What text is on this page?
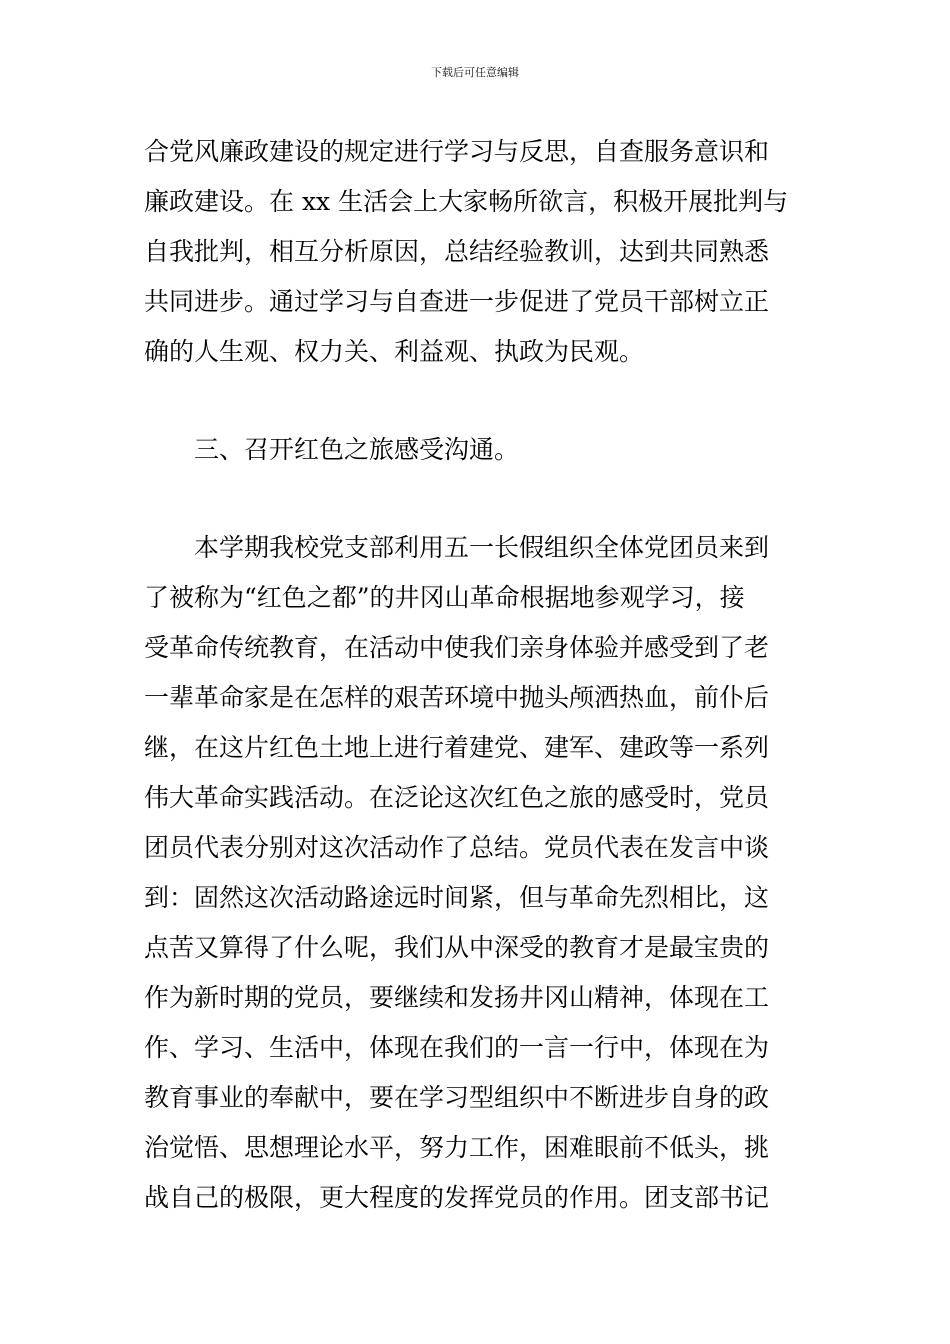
下载后可任意编辑
合党风廉政建设的规定进行学习与反思，自查服务意识和
廉政建设。在 xx 生活会上大家畅所欲言，积极开展批判与
自我批判，相互分析原因，总结经验教训，达到共同熟悉
共同进步。通过学习与自查进一步促进了党员干部树立正
确的人生观、权力关、利益观、执政为民观。
三、召开红色之旅感受沟通。
本学期我校党支部利用五一长假组织全体党团员来到
了被称为“红色之都”的井冈山革命根据地参观学习，接
受革命传统教育，在活动中使我们亲身体验并感受到了老
一辈革命家是在怎样的艰苦环境中抛头颅洒热血，前仆后
继，在这片红色土地上进行着建党、建军、建政等一系列
伟大革命实践活动。在泛论这次红色之旅的感受时，党员
团员代表分别对这次活动作了总结。党员代表在发言中谈
到：固然这次活动路途远时间紧，但与革命先烈相比，这
点苦又算得了什么呢，我们从中深受的教育才是最宝贵的
作为新时期的党员，要继续和发扬井冈山精神，体现在工
作、学习、生活中，体现在我们的一言一行中，体现在为
教育事业的奉献中，要在学习型组织中不断进步自身的政
治觉悟、思想理论水平，努力工作，困难眼前不低头，挑
战自己的极限，更大程度的发挥党员的作用。团支部书记
